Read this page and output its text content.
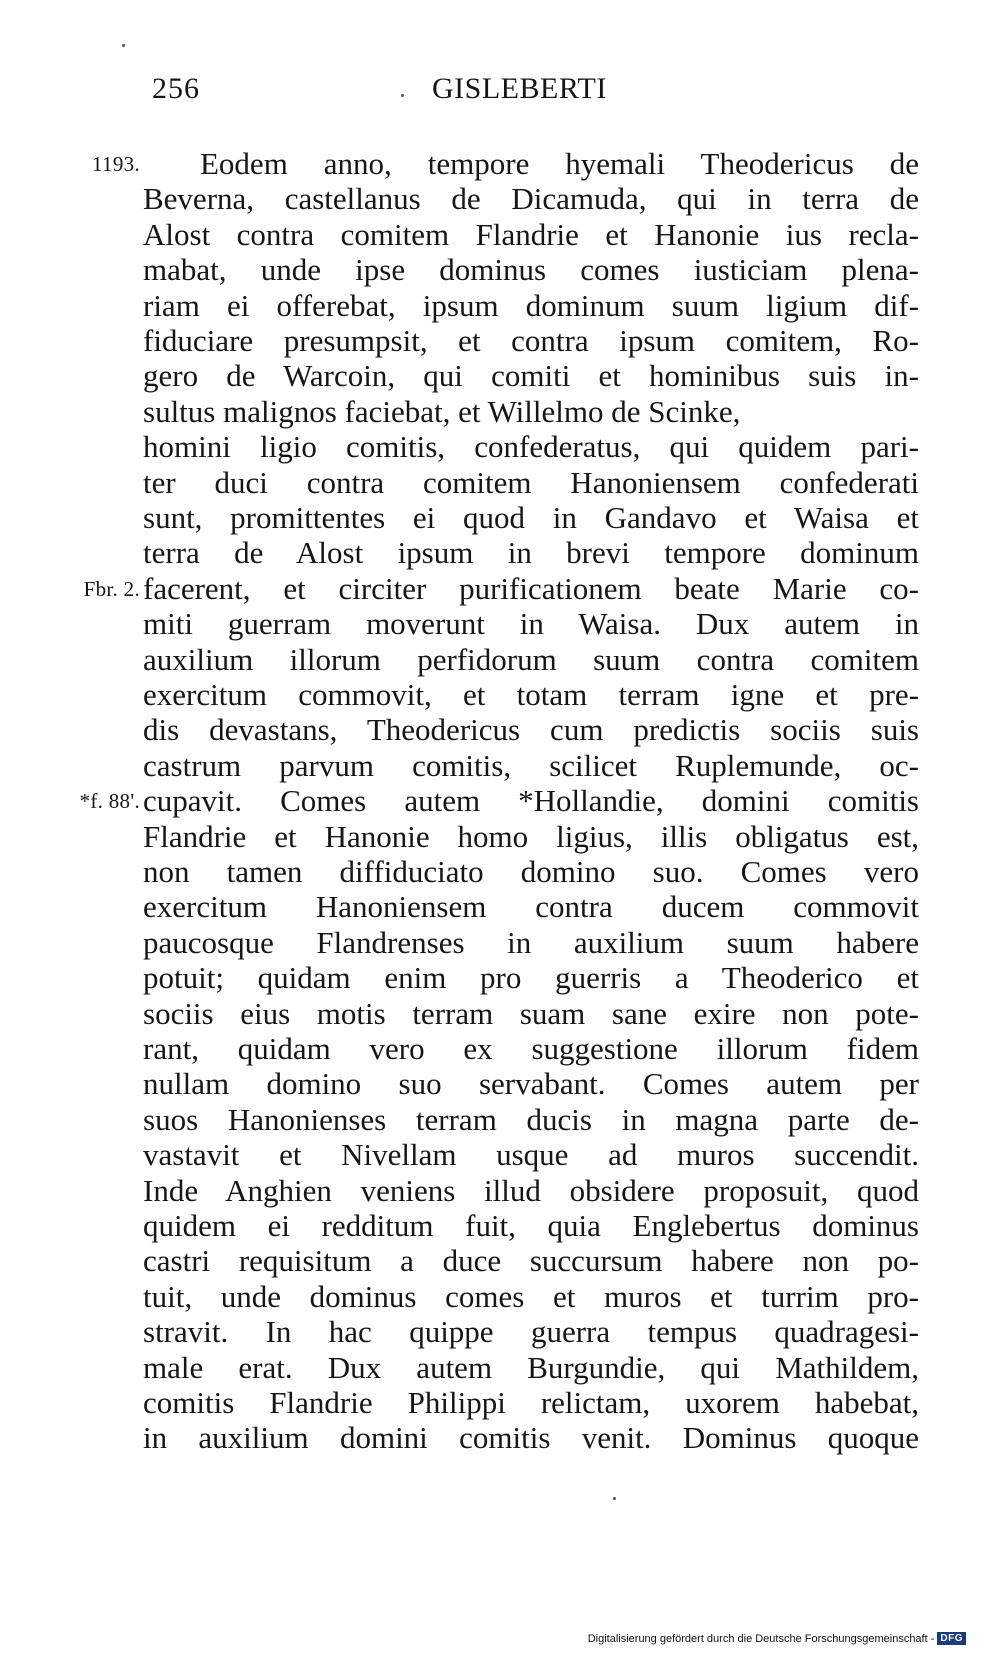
256	GISLEBERTI
Eodem anno, tempore hyemali Theodericus de
Beverna, castellanus de Dicamuda, qui in terra de
Alost contra comitem Flandrie et Hanonie ius recla-
mabat, unde ipse dominus comes iusticiam plena-
riam ei offerebat, ipsum dominum suum ligium dif-
fiduciare presumpsit, et contra ipsum comitem, Ro-
gero de Warcoin, qui comiti et hominibus suis in-
sultus malignos faciebat, et Willelmo de Scinke,
homini ligio comitis, confederatus, qui quidem pari-
ter duci contra comitem Hanoniensem confederati
sunt, promittentes ei quod in Gandavo et Waisa et
terra de Alost ipsum in brevi tempore dominum
facerent, et circiter purificationem beate Marie co-
miti guerram moverunt in Waisa. Dux autem in
auxilium illorum perfidorum suum contra comitem
exercitum commovit, et totam terram igne et pre-
dis devastans, Theodericus cum predictis sociis suis
castrum parvum comitis, scilicet Ruplemunde, oc-
cupavit. Comes autem *Hollandie, domini comitis
Flandrie et Hanonie homo ligius, illis obligatus est,
non tamen diffiduciato domino suo. Comes vero
exercitum Hanoniensem contra ducem commovit
paucosque Flandrenses in auxilium suum habere
potuit; quidam enim pro guerris a Theoderico et
sociis eius motis terram suam sane exire non pote-
rant, quidam vero ex suggestione illorum fidem
nullam domino suo servabant. Comes autem per
suos Hanonienses terram ducis in magna parte de-
vastavit et Nivellam usque ad muros succendit.
Inde Anghien veniens illud obsidere proposuit, quod
quidem ei redditum fuit, quia Englebertus dominus
castri requisitum a duce succursum habere non po-
tuit, unde dominus comes et muros et turrim pro-
stravit. In hac quippe guerra tempus quadragesi-
male erat. Dux autem Burgundie, qui Mathildem,
comitis Flandrie Philippi relictam, uxorem habebat,
in auxilium domini comitis venit. Dominus quoque
1193.
Fbr. 2.
*f. 88'.
Digitalisierung gefördert durch die Deutsche Forschungsgemeinschaft - DFG
